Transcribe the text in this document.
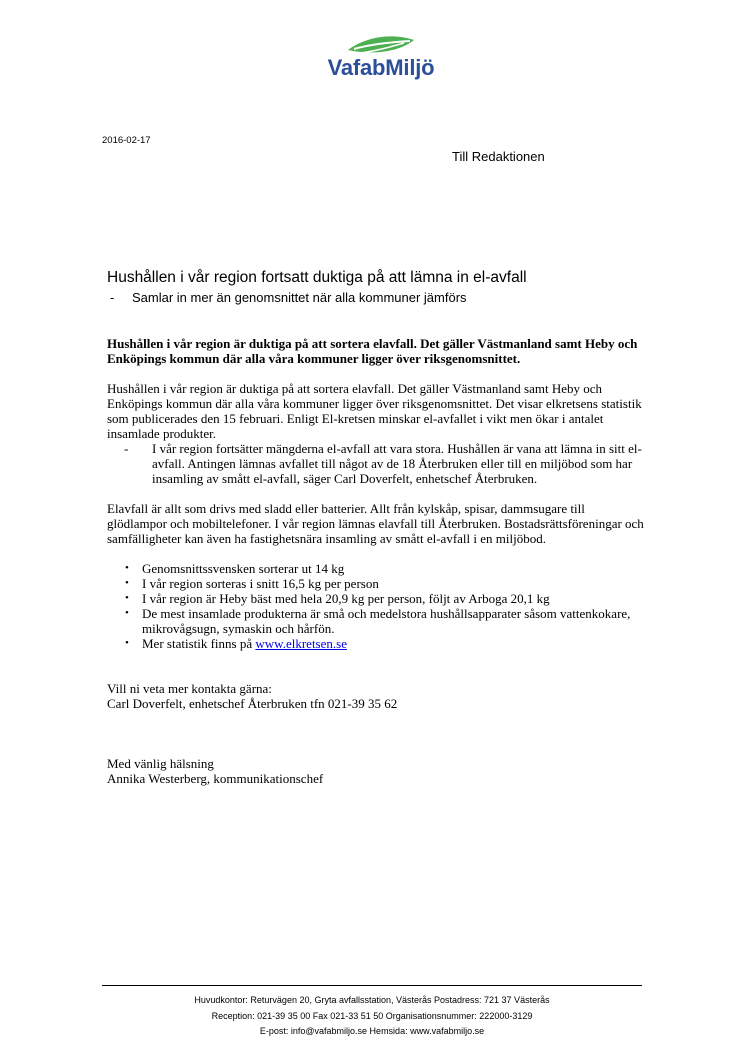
VafabMiljö
2016-02-17
Till Redaktionen
Hushållen i vår region fortsatt duktiga på att lämna in el-avfall
- Samlar in mer än genomsnittet när alla kommuner jämförs

Hushållen i vår region är duktiga på att sortera elavfall. Det gäller Västmanland samt Heby och Enköpings kommun där alla våra kommuner ligger över riksgenomsnittet.

Hushållen i vår region är duktiga på att sortera elavfall. Det gäller Västmanland samt Heby och Enköpings kommun där alla våra kommuner ligger över riksgenomsnittet. Det visar elkretsens statistik som publicerades den 15 februari. Enligt El-kretsen minskar el-avfallet i vikt men ökar i antalet insamlade produkter.

-	I vår region fortsätter mängderna el-avfall att vara stora. Hushållen är vana att lämna in sitt el-avfall. Antingen lämnas avfallet till något av de 18 Återbruken eller till en miljöbod som har insamling av smått el-avfall, säger Carl Doverfelt, enhetschef Återbruken.

Elavfall är allt som drivs med sladd eller batterier. Allt från kylskåp, spisar, dammsugare till glödlampor och mobiltelefoner. I vår region lämnas elavfall till Återbruken. Bostadsrättsföreningar och samfälligheter kan även ha fastighetsnära insamling av smått el-avfall i en miljöbod.

• Genomsnittssvensken sorterar ut 14 kg
• I vår region sorteras i snitt 16,5 kg per person
• I vår region är Heby bäst med hela 20,9 kg per person, följt av Arboga 20,1 kg
• De mest insamlade produkterna är små och medelstora hushållsapparater såsom vattenkokare, mikrovågsugn, symaskin och hårfön.
• Mer statistik finns på www.elkretsen.se

Vill ni veta mer kontakta gärna:

Carl Doverfelt, enhetschef Återbruken tfn 021-39 35 62

Med vänlig hälsning

Annika Westerberg, kommunikationschef

Huvudkontor: Returvägen 20, Gryta avfallsstation, Västerås Postadress: 721 37 Västerås
Reception: 021-39 35 00 Fax 021-33 51 50 Organisationsnummer: 222000-3129
E-post: info@vafabmiljo.se Hemsida: www.vafabmiljo.se
